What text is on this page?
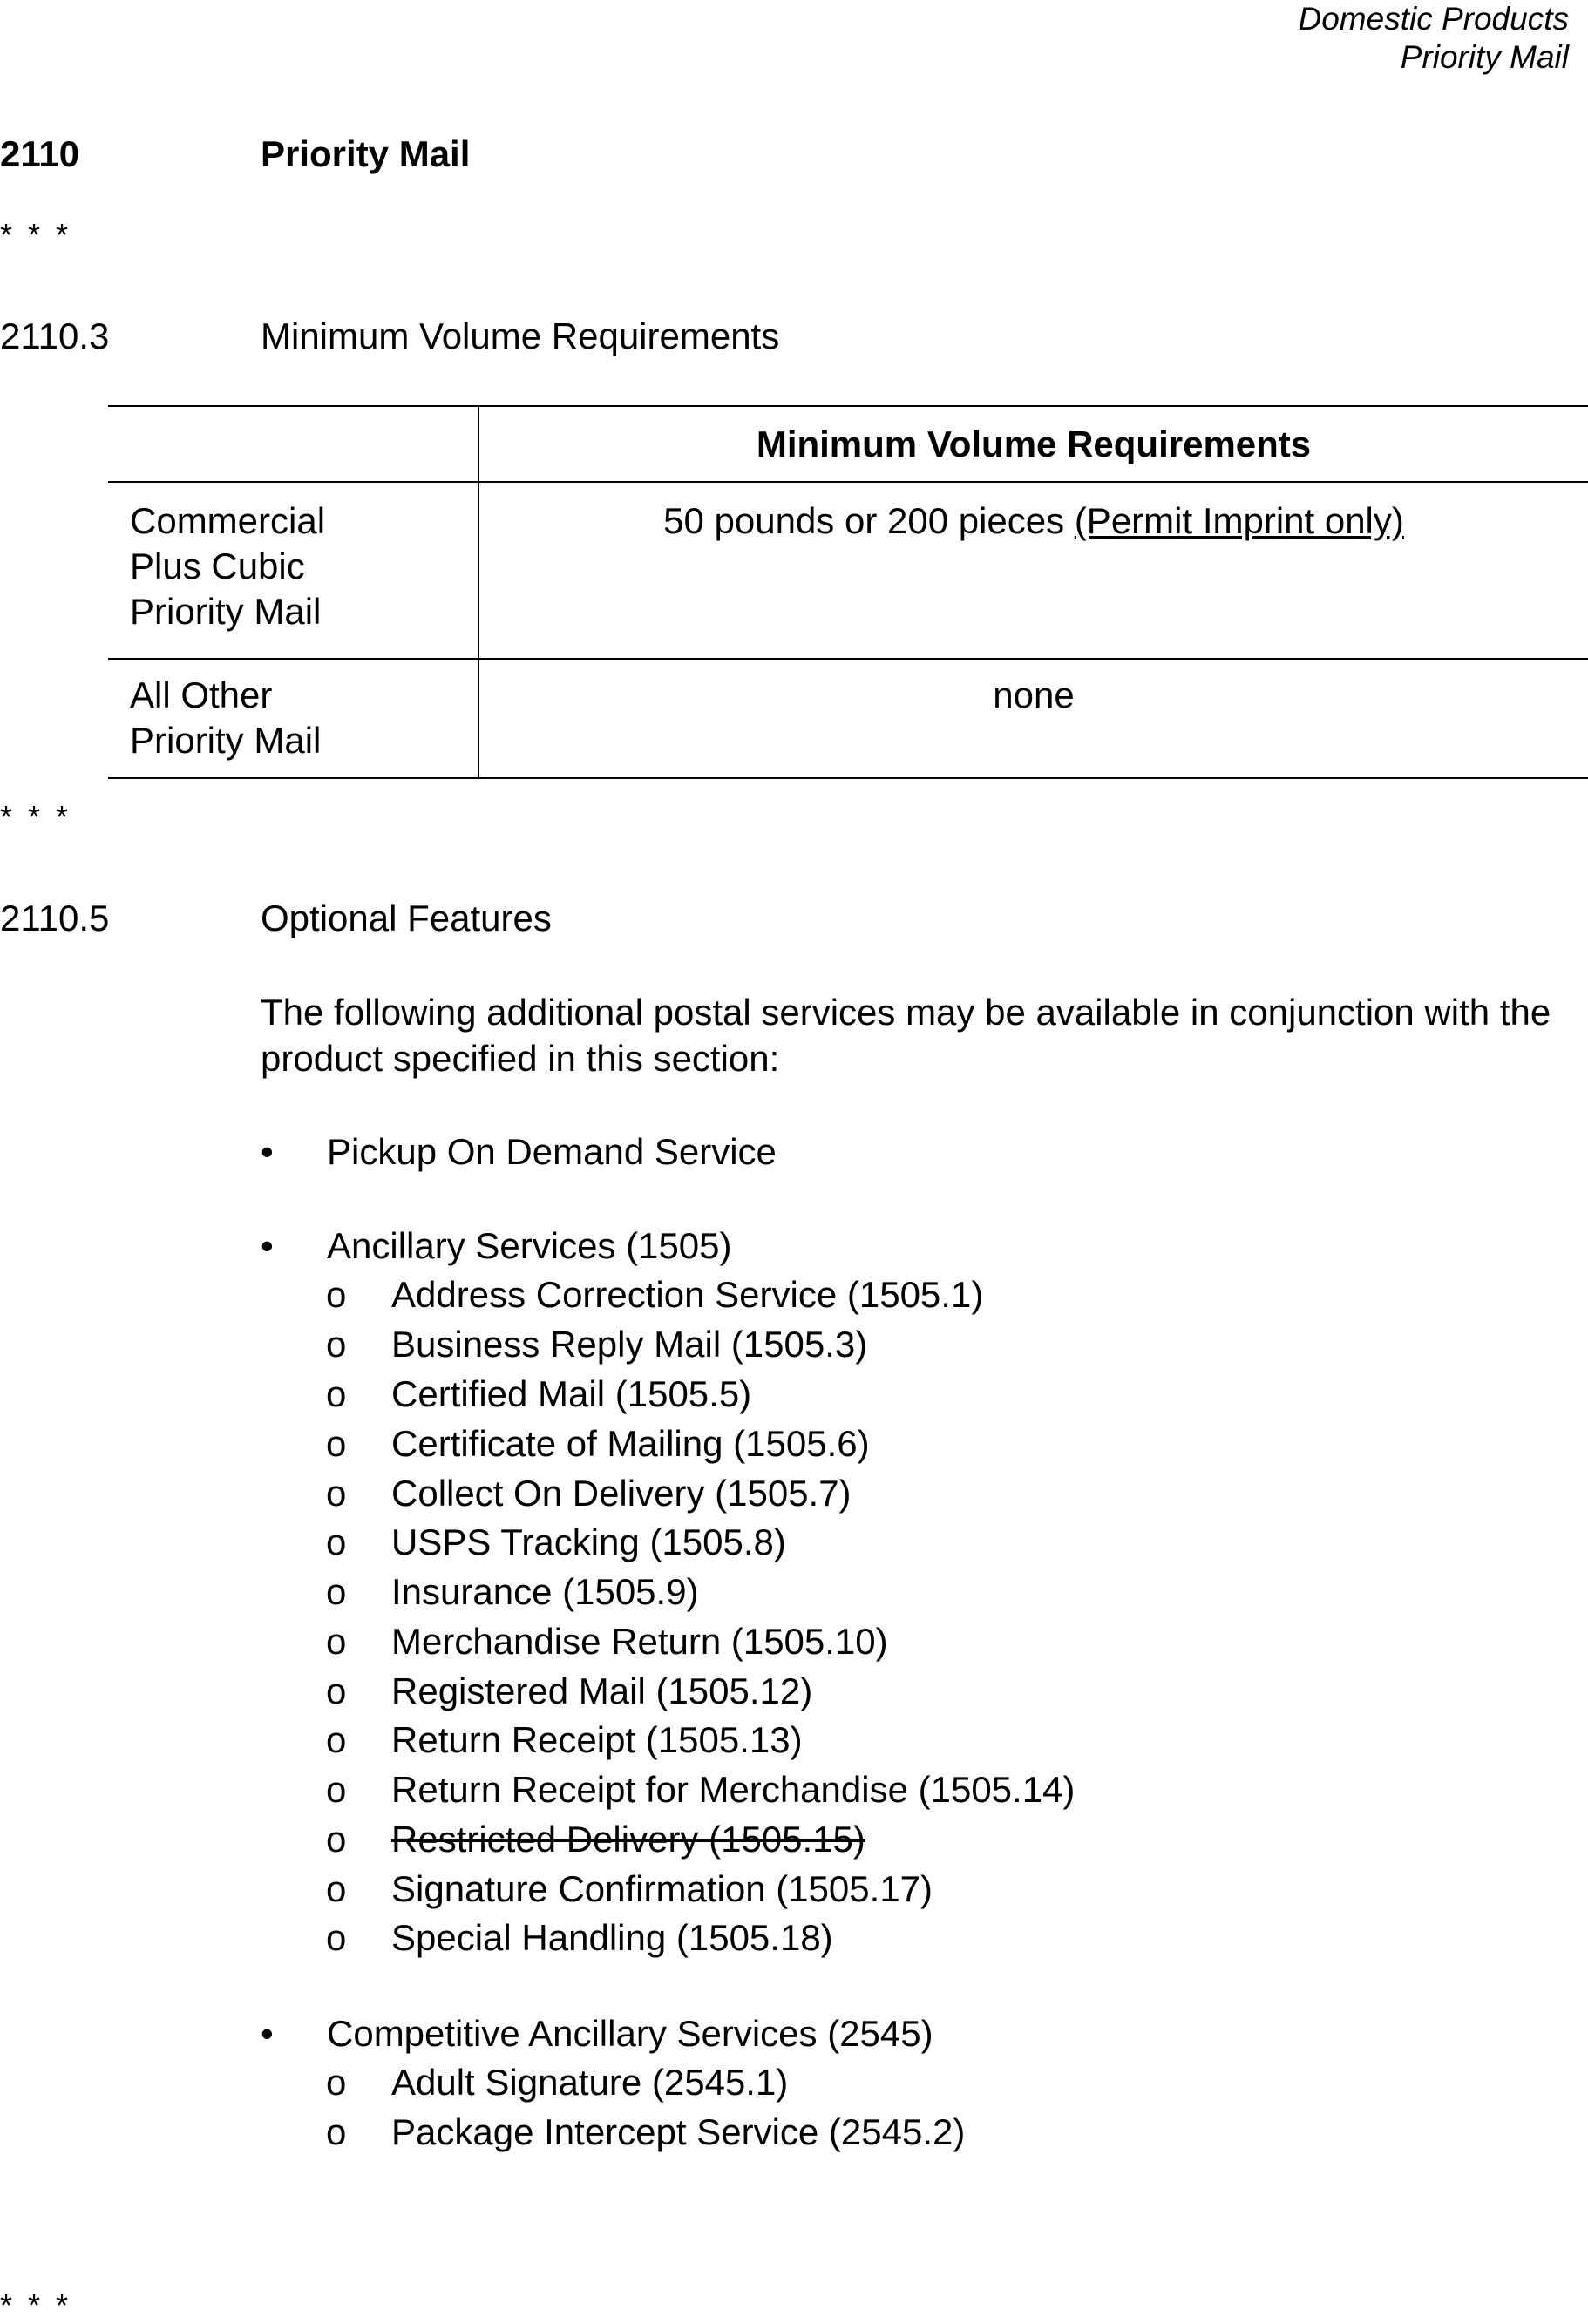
Domestic Products
Priority Mail
2110	Priority Mail
* * *
2110.3	Minimum Volume Requirements
	Minimum Volume Requirements

Commercial
Plus Cubic
Priority Mail	50 pounds or 200 pieces (Permit Imprint only)

All Other
Priority Mail	none
* * *
2110.5	Optional Features
The following additional postal services may be available in conjunction with the product specified in this section:
•	Pickup On Demand Service
•	Ancillary Services (1505)
o Address Correction Service (1505.1)
o Business Reply Mail (1505.3)
o Certified Mail (1505.5)
o Certificate of Mailing (1505.6)
o Collect On Delivery (1505.7)
o USPS Tracking (1505.8)
o Insurance (1505.9)
o Merchandise Return (1505.10)
o Registered Mail (1505.12)
o Return Receipt (1505.13)
o Return Receipt for Merchandise (1505.14)
o Restricted Delivery (1505.15)
o Signature Confirmation (1505.17)
o Special Handling (1505.18)
•	Competitive Ancillary Services (2545)
o Adult Signature (2545.1)
o Package Intercept Service (2545.2)
* * *
